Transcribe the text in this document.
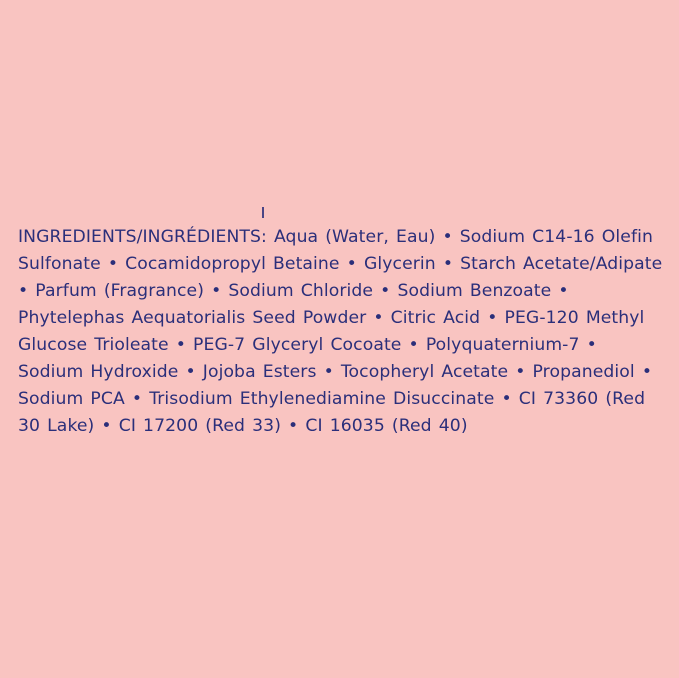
INGREDIENTS/INGRÉDIENTS: Aqua (Water, Eau) • Sodium C14-16 Olefin Sulfonate • Cocamidopropyl Betaine • Glycerin • Starch Acetate/Adipate • Parfum (Fragrance) • Sodium Chloride • Sodium Benzoate • Phytelephas Aequatorialis Seed Powder • Citric Acid • PEG-120 Methyl Glucose Trioleate • PEG-7 Glyceryl Cocoate • Polyquaternium-7 • Sodium Hydroxide • Jojoba Esters • Tocopheryl Acetate • Propanediol • Sodium PCA • Trisodium Ethylenediamine Disuccinate • CI 73360 (Red 30 Lake) • CI 17200 (Red 33) • CI 16035 (Red 40)
